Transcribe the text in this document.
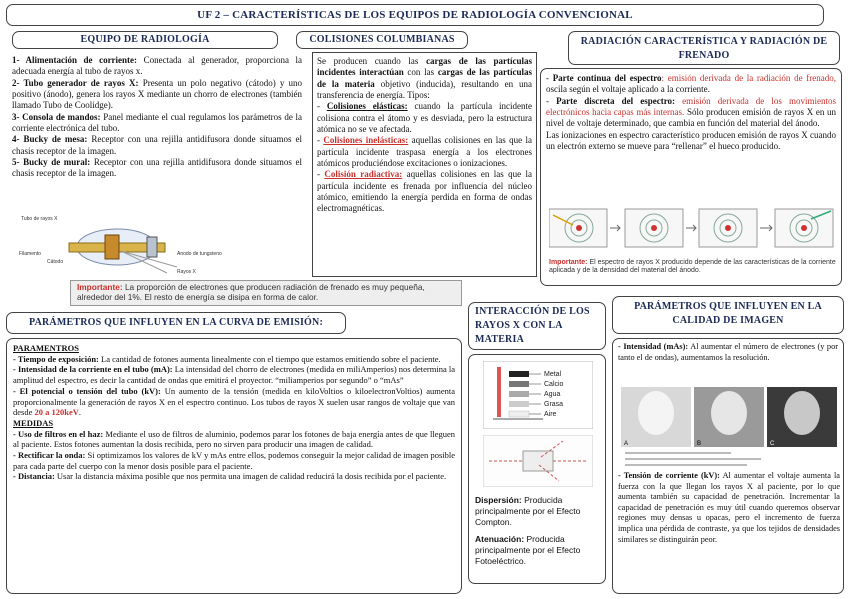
UF 2 – CARACTERÍSTICAS DE LOS EQUIPOS DE RADIOLOGÍA CONVENCIONAL
EQUIPO DE RADIOLOGÍA

1- Alimentación de corriente: Conectada al generador, proporciona la adecuada energía al tubo de rayos x.

2- Tubo generador de rayos X: Presenta un polo negativo (cátodo) y uno positivo (ánodo), genera los rayos X mediante un chorro de electrones (también llamado Tubo de Coolidge).

3- Consola de mandos: Panel mediante el cual regulamos los parámetros de la corriente electrónica del tubo.

4- Bucky de mesa: Receptor con una rejilla antidifusora donde situamos el chasis receptor de la imagen.

5- Bucky de mural: Receptor con una rejilla antidifusora donde situamos el chasis receptor de la imagen.

Tubo de rayos X
Filamento
Cátodo
Anodo de tungsteno
Rayos X
Importante: La proporción de electrones que producen radiación de frenado es muy pequeña, alrededor del 1%. El resto de energía se disipa en forma de calor.
COLISIONES COLUMBIANAS

Se producen cuando las cargas de las partículas incidentes interactúan con las cargas de las partículas de la materia objetivo (inducida), resultando en una transferencia de energía. Tipos:

- Colisiones elásticas: cuando la partícula incidente colisiona contra el átomo y es desviada, pero la estructura atómica no se ve afectada.

- Colisiones inelásticas: aquellas colisiones en las que la partícula incidente traspasa energía a los electrones atómicos produciéndose excitaciones o ionizaciones.

- Colisión radiactiva: aquellas colisiones en las que la partícula incidente es frenada por influencia del núcleo atómico, emitiendo la energía perdida en forma de ondas electromagnéticas.

RADIACIÓN CARACTERÍSTICA Y RADIACIÓN DE FRENADO

- Parte continua del espectro: emisión derivada de la radiación de frenado, oscila según el voltaje aplicado a la corriente.

- Parte discreta del espectro: emisión derivada de los movimientos electrónicos hacia capas más internas. Sólo producen emisión de rayos X en un nivel de voltaje determinado, que cambia en función del material del ánodo.

Las ionizaciones en espectro característico producen emisión de rayos X cuando un electrón externo se mueve para “rellenar” el hueco producido.

Importante: El espectro de rayos X producido depende de las características de la corriente aplicada y de la densidad del material del ánodo.
PARÁMETROS QUE INFLUYEN EN LA CURVA DE EMISIÓN:

PARAMENTROS

- Tiempo de exposición: La cantidad de fotones aumenta linealmente con el tiempo que estamos emitiendo sobre el paciente.

- Intensidad de la corriente en el tubo (mA): La intensidad del chorro de electrones (medida en miliAmperios) nos determina la amplitud del espectro, es decir la cantidad de ondas que emitirá el proyector. “miliamperios por segundo” o “mAs”

- El potencial o tensión del tubo (kV): Un aumento de la tensión (medida en kiloVoltios o kiloelectronVoltios) aumenta proporcionalmente la generación de rayos X en el espectro continuo. Los tubos de rayos X suelen usar rangos de voltaje que van desde 20 a 120keV.

MEDIDAS

- Uso de filtros en el haz: Mediante el uso de filtros de aluminio, podemos parar los fotones de baja energía antes de que lleguen al paciente. Estos fotones aumentan la dosis recibida, pero no sirven para producir una imagen de calidad.

- Rectificar la onda: Si optimizamos los valores de kV y mAs entre ellos, podemos conseguir la mejor calidad de imagen posible para cada parte del cuerpo con la menor dosis posible para el paciente.

- Distancia: Usar la distancia máxima posible que nos permita una imagen de calidad reducirá la dosis recibida por el paciente.

INTERACCIÓN DE LOS RAYOS X CON LA MATERIA
Metal
Calcio
Agua
Grasa
Aire

Dispersión: Producida principalmente por el Efecto Compton.

Atenuación: Producida principalmente por el Efecto Fotoeléctrico.

PARÁMETROS QUE INFLUYEN EN LA CALIDAD DE IMAGEN

- Intensidad (mAs): Al aumentar el número de electrones (y por tanto el de ondas), aumentamos la resolución.

A	B	C

- Tensión de corriente (kV): Al aumentar el voltaje aumenta la fuerza con la que llegan los rayos X al paciente, por lo que aumenta también su capacidad de penetración. Incrementar la capacidad de penetración es muy útil cuando queremos observar regiones muy densas u opacas, pero el incremento de fuerza implica una pérdida de contraste, ya que los tejidos de densidades similares se distinguirán peor.
